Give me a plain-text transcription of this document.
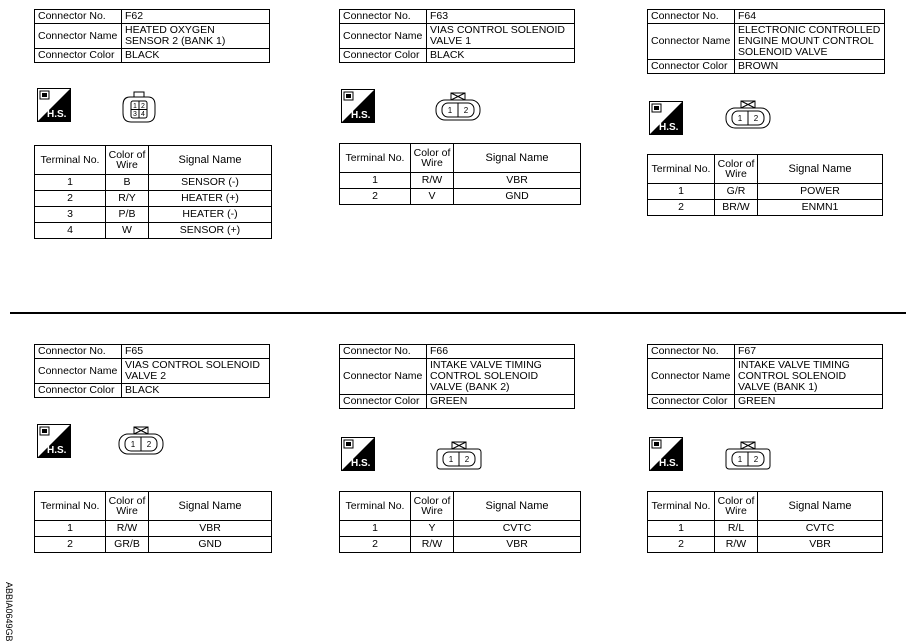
Connector No.	F62
Connector Name	HEATED OXYGEN
SENSOR 2 (BANK 1)
Connector Color	BLACK
H.S.
1 2
3 4
Terminal No.	Color of
Wire	Signal Name
1	B	SENSOR (-)
2	R/Y	HEATER (+)
3	P/B	HEATER (-)
4	W	SENSOR (+)
Connector No.	F63
Connector Name	VIAS CONTROL SOLENOID
VALVE 1
Connector Color	BLACK
H.S.	1 2
Terminal No.	Color of
Wire	Signal Name
1	R/W	VBR
2	V	GND
Connector No.	F64
Connector Name	ELECTRONIC CONTROLLED
ENGINE MOUNT CONTROL
SOLENOID VALVE
Connector Color	BROWN
H.S.
1 2
Terminal No.	Color of
Wire	Signal Name
1	G/R	POWER
2	BR/W	ENMN1
Connector No.	F65
Connector Name	VIAS CONTROL SOLENOID
VALVE 2
Connector Color	BLACK
H.S.
1 2
Terminal No.	Color of
Wire	Signal Name
1	R/W	VBR
2	GR/B	GND
Connector No.	F66
Connector Name	INTAKE VALVE TIMING
CONTROL SOLENOID
VALVE (BANK 2)
Connector Color	GREEN
H.S.	1 2
Terminal No.	Color of
Wire	Signal Name
1	Y	CVTC
2	R/W	VBR
Connector No.	F67
Connector Name	INTAKE VALVE TIMING
CONTROL SOLENOID
VALVE (BANK 1)
Connector Color	GREEN
H.S.	1 2
Terminal No.	Color of
Wire	Signal Name
1	R/L	CVTC
2	R/W	VBR
ABBIA0649GB
